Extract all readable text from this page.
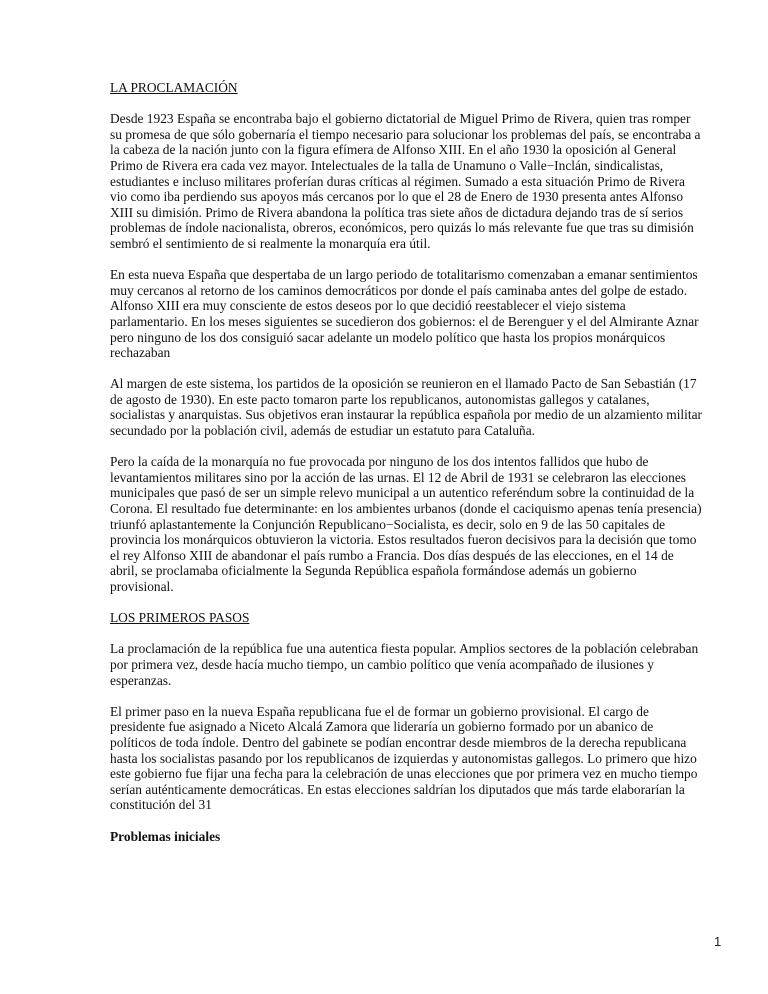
LA PROCLAMACIÓN
Desde 1923 España se encontraba bajo el gobierno dictatorial de Miguel Primo de Rivera, quien tras romper
su promesa de que sólo gobernaría el tiempo necesario para solucionar los problemas del país, se encontraba a
la cabeza de la nación junto con la figura efímera de Alfonso XIII. En el año 1930 la oposición al General
Primo de Rivera era cada vez mayor. Intelectuales de la talla de Unamuno o Valle−Inclán, sindicalistas,
estudiantes e incluso militares proferían duras críticas al régimen. Sumado a esta situación Primo de Rivera
vio como iba perdiendo sus apoyos más cercanos por lo que el 28 de Enero de 1930 presenta antes Alfonso
XIII su dimisión. Primo de Rivera abandona la política tras siete años de dictadura dejando tras de sí serios
problemas de índole nacionalista, obreros, económicos, pero quizás lo más relevante fue que tras su dimisión
sembró el sentimiento de si realmente la monarquía era útil.
En esta nueva España que despertaba de un largo periodo de totalitarismo comenzaban a emanar sentimientos
muy cercanos al retorno de los caminos democráticos por donde el país caminaba antes del golpe de estado.
Alfonso XIII era muy consciente de estos deseos por lo que decidió reestablecer el viejo sistema
parlamentario. En los meses siguientes se sucedieron dos gobiernos: el de Berenguer y el del Almirante Aznar
pero ninguno de los dos consiguió sacar adelante un modelo político que hasta los propios monárquicos
rechazaban
Al margen de este sistema, los partidos de la oposición se reunieron en el llamado Pacto de San Sebastián (17
de agosto de 1930). En este pacto tomaron parte los republicanos, autonomistas gallegos y catalanes,
socialistas y anarquistas. Sus objetivos eran instaurar la república española por medio de un alzamiento militar
secundado por la población civil, además de estudiar un estatuto para Cataluña.
Pero la caída de la monarquía no fue provocada por ninguno de los dos intentos fallidos que hubo de
levantamientos militares sino por la acción de las urnas. El 12 de Abril de 1931 se celebraron las elecciones
municipales que pasó de ser un simple relevo municipal a un autentico referéndum sobre la continuidad de la
Corona. El resultado fue determinante: en los ambientes urbanos (donde el caciquismo apenas tenía presencia)
triunfó aplastantemente la Conjunción Republicano−Socialista, es decir, solo en 9 de las 50 capitales de
provincia los monárquicos obtuvieron la victoria. Estos resultados fueron decisivos para la decisión que tomo
el rey Alfonso XIII de abandonar el país rumbo a Francia. Dos días después de las elecciones, en el 14 de
abril, se proclamaba oficialmente la Segunda República española formándose además un gobierno
provisional.
LOS PRIMEROS PASOS
La proclamación de la república fue una autentica fiesta popular. Amplios sectores de la población celebraban
por primera vez, desde hacía mucho tiempo, un cambio político que venía acompañado de ilusiones y
esperanzas.
El primer paso en la nueva España republicana fue el de formar un gobierno provisional. El cargo de
presidente fue asignado a Niceto Alcalá Zamora que lideraría un gobierno formado por un abanico de
políticos de toda índole. Dentro del gabinete se podían encontrar desde miembros de la derecha republicana
hasta los socialistas pasando por los republicanos de izquierdas y autonomistas gallegos. Lo primero que hizo
este gobierno fue fijar una fecha para la celebración de unas elecciones que por primera vez en mucho tiempo
serían auténticamente democráticas. En estas elecciones saldrían los diputados que más tarde elaborarían la
constitución del 31
Problemas iniciales
1
